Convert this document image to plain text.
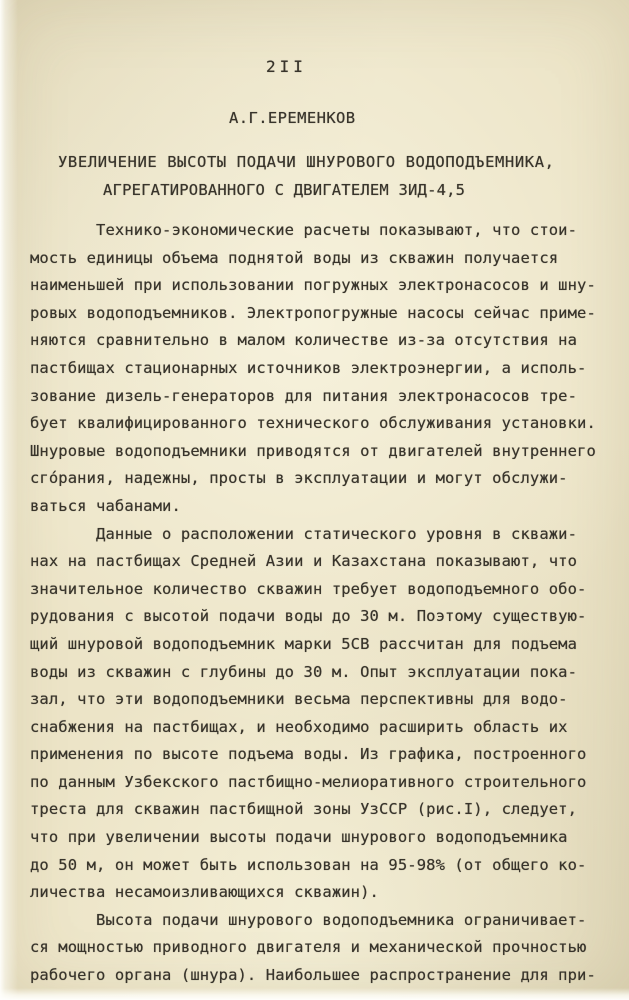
2II
А.Г.ЕРЕМЕНКОВ
УВЕЛИЧЕНИЕ ВЫСОТЫ ПОДАЧИ ШНУРОВОГО ВОДОПОДЪЕМНИКА,
АГРЕГАТИРОВАННОГО С ДВИГАТЕЛЕМ ЗИД-4,5
Технико-экономические расчеты показывают, что стои-
мость единицы объема поднятой воды из скважин получается
наименьшей при использовании погружных электронасосов и шну-
ровых водоподъемников. Электропогружные насосы сейчас приме-
няются сравнительно в малом количестве из-за отсутствия на
пастбищах стационарных источников электроэнергии, а исполь-
зование дизель-генераторов для питания электронасосов тре-
бует квалифицированного технического обслуживания установки.
Шнуровые водоподъемники приводятся от двигателей внутреннего
сго́рания, надежны, просты в эксплуатации и могут обслужи-
ваться чабанами.
Данные о расположении статического уровня в скважи-
нах на пастбищах Средней Азии и Казахстана показывают, что
значительное количество скважин требует водоподъемного обо-
рудования с высотой подачи воды до 30 м. Поэтому существую-
щий шнуровой водоподъемник марки 5СВ рассчитан для подъема
воды из скважин с глубины до 30 м. Опыт эксплуатации пока-
зал, что эти водоподъемники весьма перспективны для водо-
снабжения на пастбищах, и необходимо расширить область их
применения по высоте подъема воды. Из графика, построенного
по данным Узбекского пастбищно-мелиоративного строительного
треста для скважин пастбищной зоны УзССР (рис.I), следует,
что при увеличении высоты подачи шнурового водоподъемника
до 50 м, он может быть использован на 95-98% (от общего ко-
личества несамоизливающихся скважин).
Высота подачи шнурового водоподъемника ограничивает-
ся мощностью приводного двигателя и механической прочностью
рабочего органа (шнура). Наибольшее распространение для при-
